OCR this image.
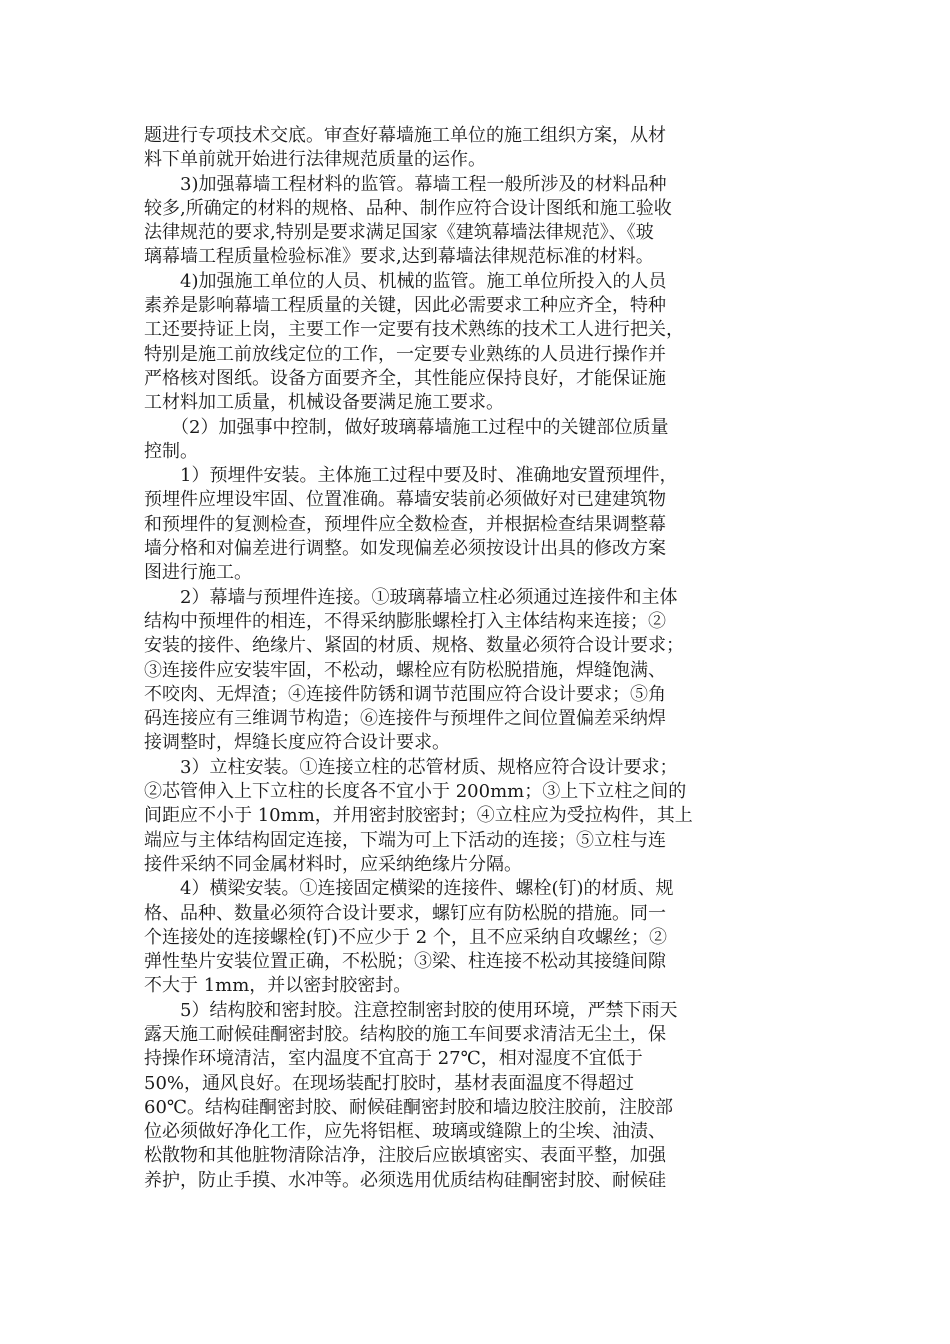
题进行专项技术交底。审查好幕墙施工单位的施工组织方案，从材
料下单前就开始进行法律规范质量的运作。
　　3)加强幕墙工程材料的监管。幕墙工程一般所涉及的材料品种
较多,所确定的材料的规格、品种、制作应符合设计图纸和施工验收
法律规范的要求,特别是要求满足国家《建筑幕墙法律规范》、《玻
璃幕墙工程质量检验标准》要求,达到幕墙法律规范标准的材料。
　　4)加强施工单位的人员、机械的监管。施工单位所投入的人员
素养是影响幕墙工程质量的关键，因此必需要求工种应齐全，特种
工还要持证上岗，主要工作一定要有技术熟练的技术工人进行把关，
特别是施工前放线定位的工作，一定要专业熟练的人员进行操作并
严格核对图纸。设备方面要齐全，其性能应保持良好，才能保证施
工材料加工质量，机械设备要满足施工要求。
　　（2）加强事中控制，做好玻璃幕墙施工过程中的关键部位质量
控制。
　　1）预埋件安装。主体施工过程中要及时、准确地安置预埋件，
预埋件应埋设牢固、位置准确。幕墙安装前必须做好对已建建筑物
和预埋件的复测检查，预埋件应全数检查，并根据检查结果调整幕
墙分格和对偏差进行调整。如发现偏差必须按设计出具的修改方案
图进行施工。
　　2）幕墙与预埋件连接。①玻璃幕墙立柱必须通过连接件和主体
结构中预埋件的相连，不得采纳膨胀螺栓打入主体结构来连接；②
安装的接件、绝缘片、紧固的材质、规格、数量必须符合设计要求；
③连接件应安装牢固，不松动，螺栓应有防松脱措施，焊缝饱满、
不咬肉、无焊渣；④连接件防锈和调节范围应符合设计要求；⑤角
码连接应有三维调节构造；⑥连接件与预埋件之间位置偏差采纳焊
接调整时，焊缝长度应符合设计要求。
　　3）立柱安装。①连接立柱的芯管材质、规格应符合设计要求；
②芯管伸入上下立柱的长度各不宜小于 200mm；③上下立柱之间的
间距应不小于 10mm，并用密封胶密封；④立柱应为受拉构件，其上
端应与主体结构固定连接，下端为可上下活动的连接；⑤立柱与连
接件采纳不同金属材料时，应采纳绝缘片分隔。
　　4）横梁安装。①连接固定横梁的连接件、螺栓(钉)的材质、规
格、品种、数量必须符合设计要求，螺钉应有防松脱的措施。同一
个连接处的连接螺栓(钉)不应少于 2 个，且不应采纳自攻螺丝；②
弹性垫片安装位置正确，不松脱；③梁、柱连接不松动其接缝间隙
不大于 1mm，并以密封胶密封。
　　5）结构胶和密封胶。注意控制密封胶的使用环境，严禁下雨天
露天施工耐候硅酮密封胶。结构胶的施工车间要求清洁无尘土，保
持操作环境清洁，室内温度不宜高于 27℃，相对湿度不宜低于
50%，通风良好。在现场装配打胶时，基材表面温度不得超过
60℃。结构硅酮密封胶、耐候硅酮密封胶和墙边胶注胶前，注胶部
位必须做好净化工作，应先将铝框、玻璃或缝隙上的尘埃、油渍、
松散物和其他脏物清除洁净，注胶后应嵌填密实、表面平整，加强
养护，防止手摸、水冲等。必须选用优质结构硅酮密封胶、耐候硅
